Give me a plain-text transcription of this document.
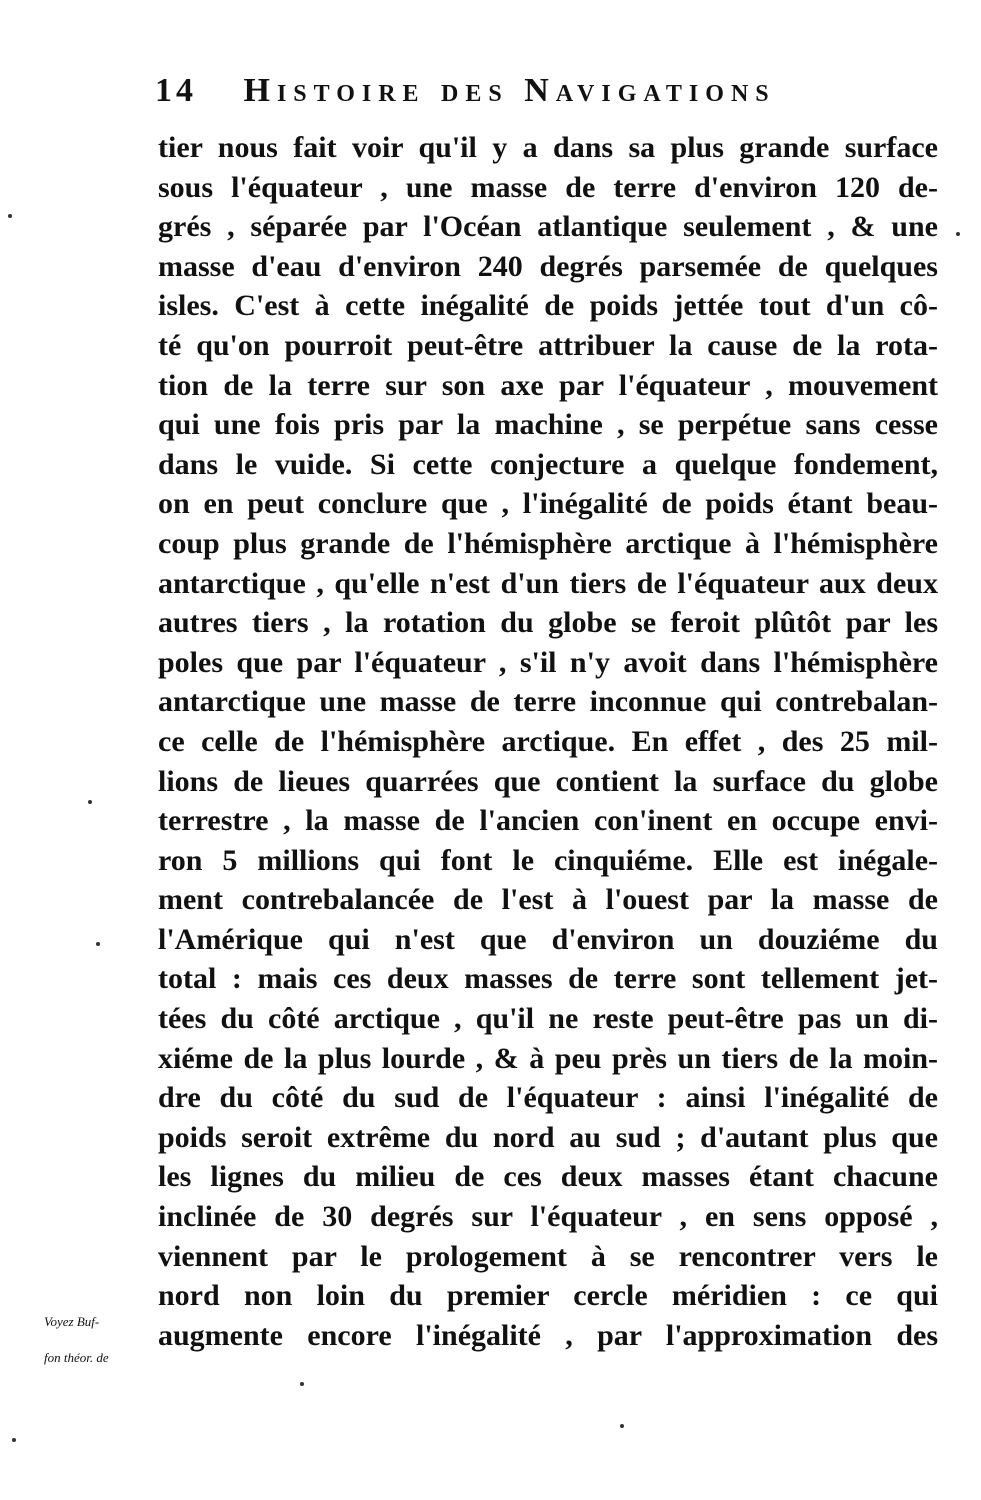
14 Histoire des Navigations
tier nous fait voir qu'il y a dans sa plus grande surface
sous l'équateur , une masse de terre d'environ 120 de-
grés , séparée par l'Océan atlantique seulement , & une
masse d'eau d'environ 240 degrés parsemée de quelques
isles. C'est à cette inégalité de poids jettée tout d'un cô-
té qu'on pourroit peut-être attribuer la cause de la rota-
tion de la terre sur son axe par l'équateur , mouvement
qui une fois pris par la machine , se perpétue sans cesse
dans le vuide. Si cette conjecture a quelque fondement,
on en peut conclure que , l'inégalité de poids étant beau-
coup plus grande de l'hémisphère arctique à l'hémisphère
antarctique , qu'elle n'est d'un tiers de l'équateur aux deux
autres tiers , la rotation du globe se feroit plûtôt par les
poles que par l'équateur , s'il n'y avoit dans l'hémisphère
antarctique une masse de terre inconnue qui contrebalan-
ce celle de l'hémisphère arctique. En effet , des 25 mil-
lions de lieues quarrées que contient la surface du globe
terrestre , la masse de l'ancien con'inent en occupe envi-
ron 5 millions qui font le cinquiéme. Elle est inégale-
ment contrebalancée de l'est à l'ouest par la masse de
l'Amérique qui n'est que d'environ un douziéme du
total : mais ces deux masses de terre sont tellement jet-
tées du côté arctique , qu'il ne reste peut-être pas un di-
xiéme de la plus lourde , & à peu près un tiers de la moin-
dre du côté du sud de l'équateur : ainsi l'inégalité de
poids seroit extrême du nord au sud ; d'autant plus que
les lignes du milieu de ces deux masses étant chacune
inclinée de 30 degrés sur l'équateur , en sens opposé ,
viennent par le prologement à se rencontrer vers le
nord non loin du premier cercle méridien : ce qui
augmente encore l'inégalité , par l'approximation des
Voyez Buf-
fon théor. de
